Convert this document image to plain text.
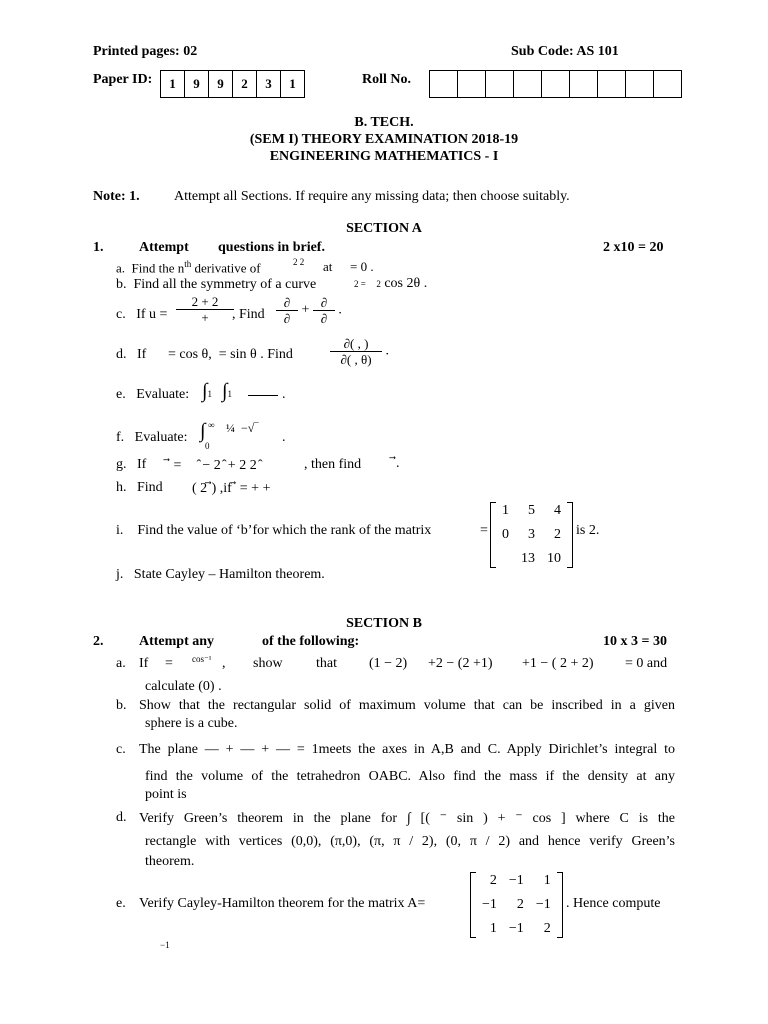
Printed pages: 02	Sub Code: AS 101
Paper ID:	1	9	9	2	3	1	Roll No.
B. TECH.
(SEM I) THEORY EXAMINATION 2018-19
ENGINEERING MATHEMATICS - I
Note: 1. Attempt all Sections. If require any missing data; then choose suitably.
SECTION A
1.	Attempt questions in brief.	2 x10 = 20
a. Find the $n^{th}$ derivative of	2 2 at = 0 .
b. Find all the symmetry of a curve	2 = 2 cos 2θ .
c. If $u = \frac{2 + 2}{+}$
, Find $\frac{\partial}{\partial} + \frac{\partial}{\partial}$ .
d. If = cos θ, = sin θ . Find	$\frac{\partial( , )}{\partial( , \theta)}$ .
e. Evaluate: ∫1 ∫1	.
f. Evaluate: ∫ ∞
0
¼ −√‾
.
g. If ⃗ = ̂ − 2 ̂ + 2 2 ̂	, then find .
h. Find ( 2 ⃗) ,if ⃗ = + +
i. Find the value of ‘b’for which the rank of the matrix	=
1	5	4
0	3	2
	13	10
is 2.
j. State Cayley – Hamilton theorem.
SECTION B
2.	Attempt any	of the following:	10 x 3 = 30
a. If = cos⁻¹ , show that (1 − 2) +2 − (2 +1) +1 − ( 2 + 2) = 0 and
calculate (0) .
b. Show that the rectangular solid of maximum volume that can be inscribed in a given
sphere is a cube.
c. The plane — + — + — = 1meets the axes in A,B and C. Apply Dirichlet’s integral to
find the volume of the tetrahedron OABC. Also find the mass if the density at any
point is
d. Verify Green’s theorem in the plane for ∫ [( ⁻ sin ) + ⁻ cos ] where C is the
rectangle with vertices (0,0), (π,0), (π, π / 2), (0, π / 2) and hence verify Green’s
theorem.
e. Verify Cayley-Hamilton theorem for the matrix A=
2	−1	1
−1	2	−1
1	−1	2
. Hence compute
−1
